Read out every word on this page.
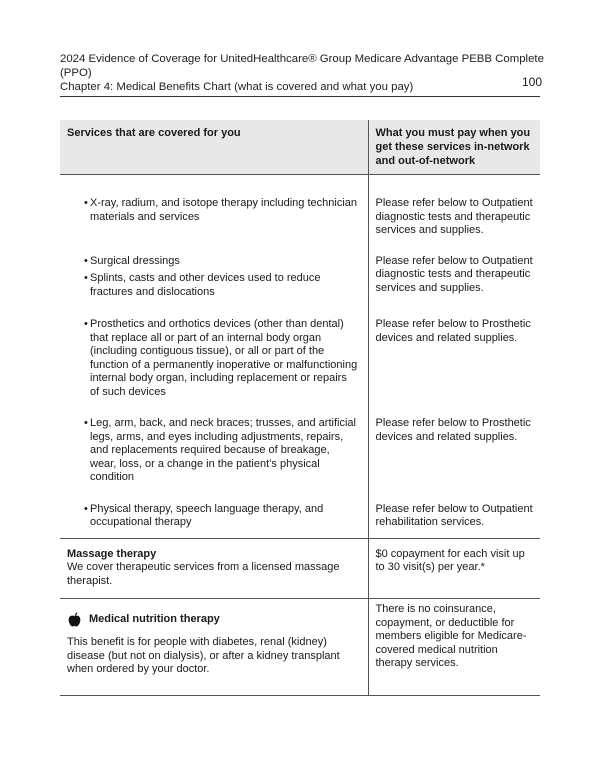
2024 Evidence of Coverage for UnitedHealthcare® Group Medicare Advantage PEBB Complete
(PPO)
Chapter 4: Medical Benefits Chart (what is covered and what you pay)	100
Services that are covered for you	What you must pay when you get these services in-network and out-of-network

• X-ray, radium, and isotope therapy including technician materials and services	Please refer below to Outpatient diagnostic tests and therapeutic services and supplies.

• Surgical dressings
• Splints, casts and other devices used to reduce fractures and dislocations	Please refer below to Outpatient diagnostic tests and therapeutic services and supplies.

• Prosthetics and orthotics devices (other than dental) that replace all or part of an internal body organ (including contiguous tissue), or all or part of the function of a permanently inoperative or malfunctioning internal body organ, including replacement or repairs of such devices	Please refer below to Prosthetic devices and related supplies.

• Leg, arm, back, and neck braces; trusses, and artificial legs, arms, and eyes including adjustments, repairs, and replacements required because of breakage, wear, loss, or a change in the patient’s physical condition	Please refer below to Prosthetic devices and related supplies.

• Physical therapy, speech language therapy, and occupational therapy	Please refer below to Outpatient rehabilitation services.

Massage therapy
We cover therapeutic services from a licensed massage therapist.	$0 copayment for each visit up to 30 visit(s) per year.*

Medical nutrition therapy
This benefit is for people with diabetes, renal (kidney) disease (but not on dialysis), or after a kidney transplant when ordered by your doctor.	There is no coinsurance, copayment, or deductible for members eligible for Medicare-covered medical nutrition therapy services.
